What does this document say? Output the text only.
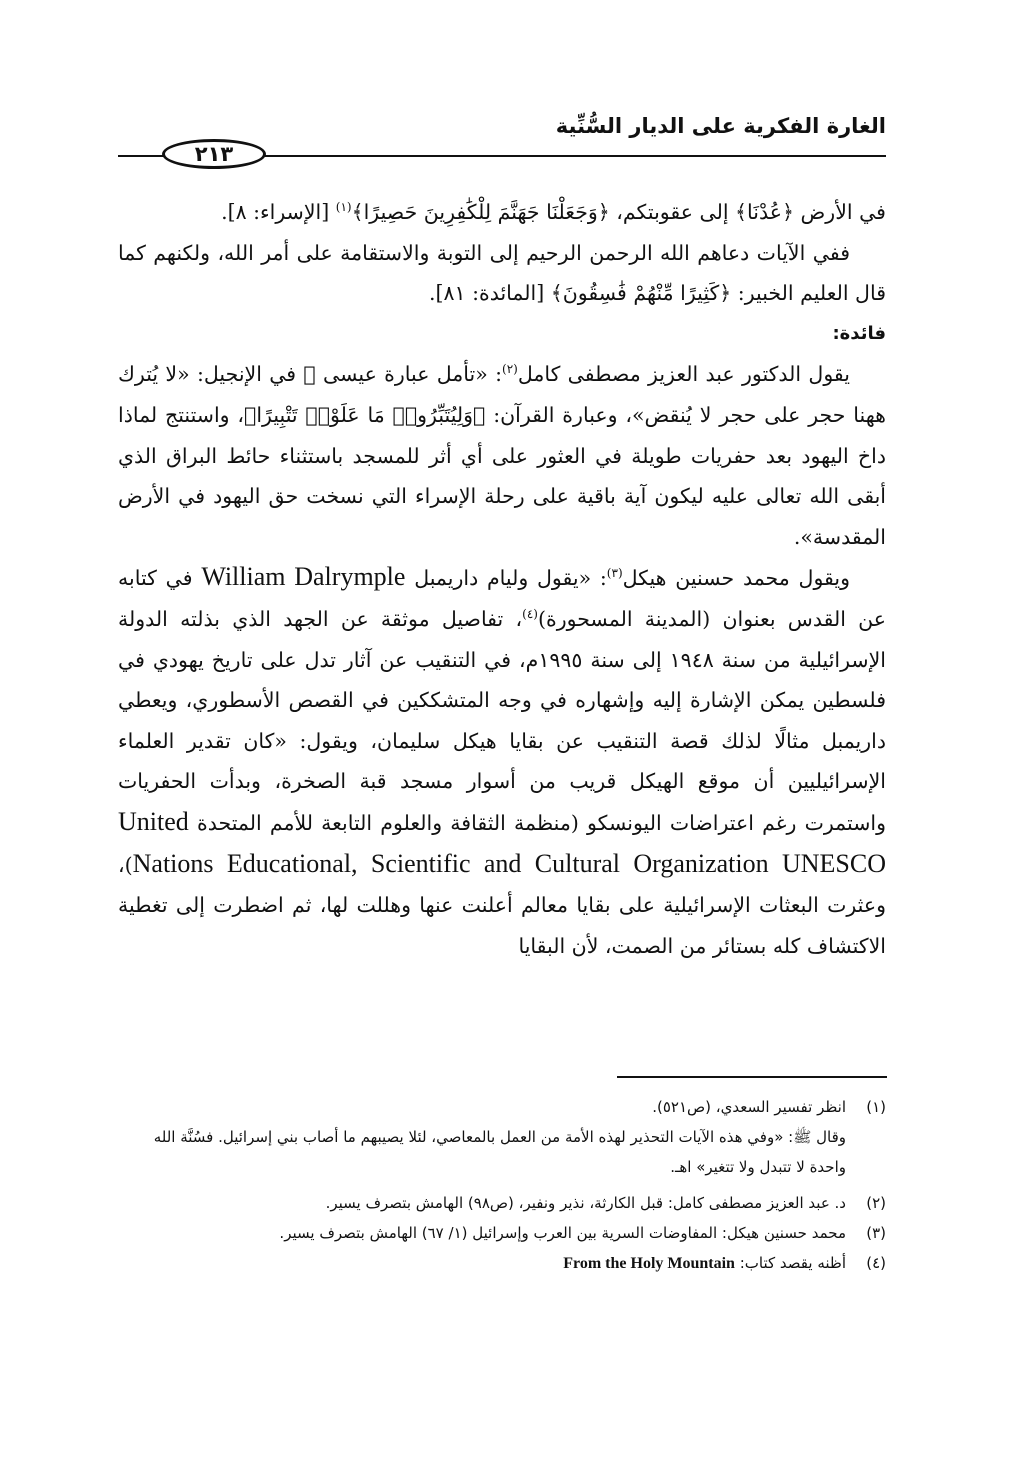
الغارة الفكرية على الديار السُّنِّية
٢١٣

في الأرض ﴿عُدْنَا﴾ إلى عقوبتكم، ﴿وَجَعَلْنَا جَهَنَّمَ لِلْكَٰفِرِينَ حَصِيرًا﴾$^{(١)}$ [الإسراء: ٨].

ففي الآيات دعاهم الله الرحمن الرحيم إلى التوبة والاستقامة على أمر الله، ولكنهم كما قال العليم الخبير: ﴿كَثِيرًا مِّنْهُمْ فَٰسِقُونَ﴾ [المائدة: ٨١].

فائدة:

يقول الدكتور عبد العزيز مصطفى كامل$^{(٢)}$: «تأمل عبارة عيسى ﷺ في الإنجيل: «لا يُترك ههنا حجر على حجر لا يُنقض»، وعبارة القرآن: ﴿وَلِيُتَبِّرُوا۟ مَا عَلَوْا۟ تَتْبِيرًا﴾، واستنتج لماذا داخ اليهود بعد حفريات طويلة في العثور على أي أثر للمسجد باستثناء حائط البراق الذي أبقى الله تعالى عليه ليكون آية باقية على رحلة الإسراء التي نسخت حق اليهود في الأرض المقدسة».

ويقول محمد حسنين هيكل$^{(٣)}$: «يقول وليام داريمبل William Dalrymple في كتابه عن القدس بعنوان (المدينة المسحورة)$^{(٤)}$، تفاصيل موثقة عن الجهد الذي بذلته الدولة الإسرائيلية من سنة ١٩٤٨ إلى سنة ١٩٩٥م، في التنقيب عن آثار تدل على تاريخ يهودي في فلسطين يمكن الإشارة إليه وإشهاره في وجه المتشككين في القصص الأسطوري، ويعطي داريمبل مثالًا لذلك قصة التنقيب عن بقايا هيكل سليمان، ويقول: «كان تقدير العلماء الإسرائيليين أن موقع الهيكل قريب من أسوار مسجد قبة الصخرة، وبدأت الحفريات واستمرت رغم اعتراضات اليونسكو (منظمة الثقافة والعلوم التابعة للأمم المتحدة United Nations Educational, Scientific and Cultural Organization UNESCO)، وعثرت البعثات الإسرائيلية على بقايا معالم أعلنت عنها وهللت لها، ثم اضطرت إلى تغطية الاكتشاف كله بستائر من الصمت، لأن البقايا

(١)
انظر تفسير السعدي، (ص٥٢١).

وقال ﷺ: «وفي هذه الآيات التحذير لهذه الأمة من العمل بالمعاصي، لئلا يصيبهم ما أصاب بني إسرائيل. فسُنَّة الله واحدة لا تتبدل ولا تتغير» اهـ.

(٢)
د. عبد العزيز مصطفى كامل: قبل الكارثة، نذير ونفير، (ص٩٨) الهامش بتصرف يسير.

(٣)
محمد حسنين هيكل: المفاوضات السرية بين العرب وإسرائيل (١/ ٦٧) الهامش بتصرف يسير.

(٤)
أظنه يقصد كتاب: From the Holy Mountain
